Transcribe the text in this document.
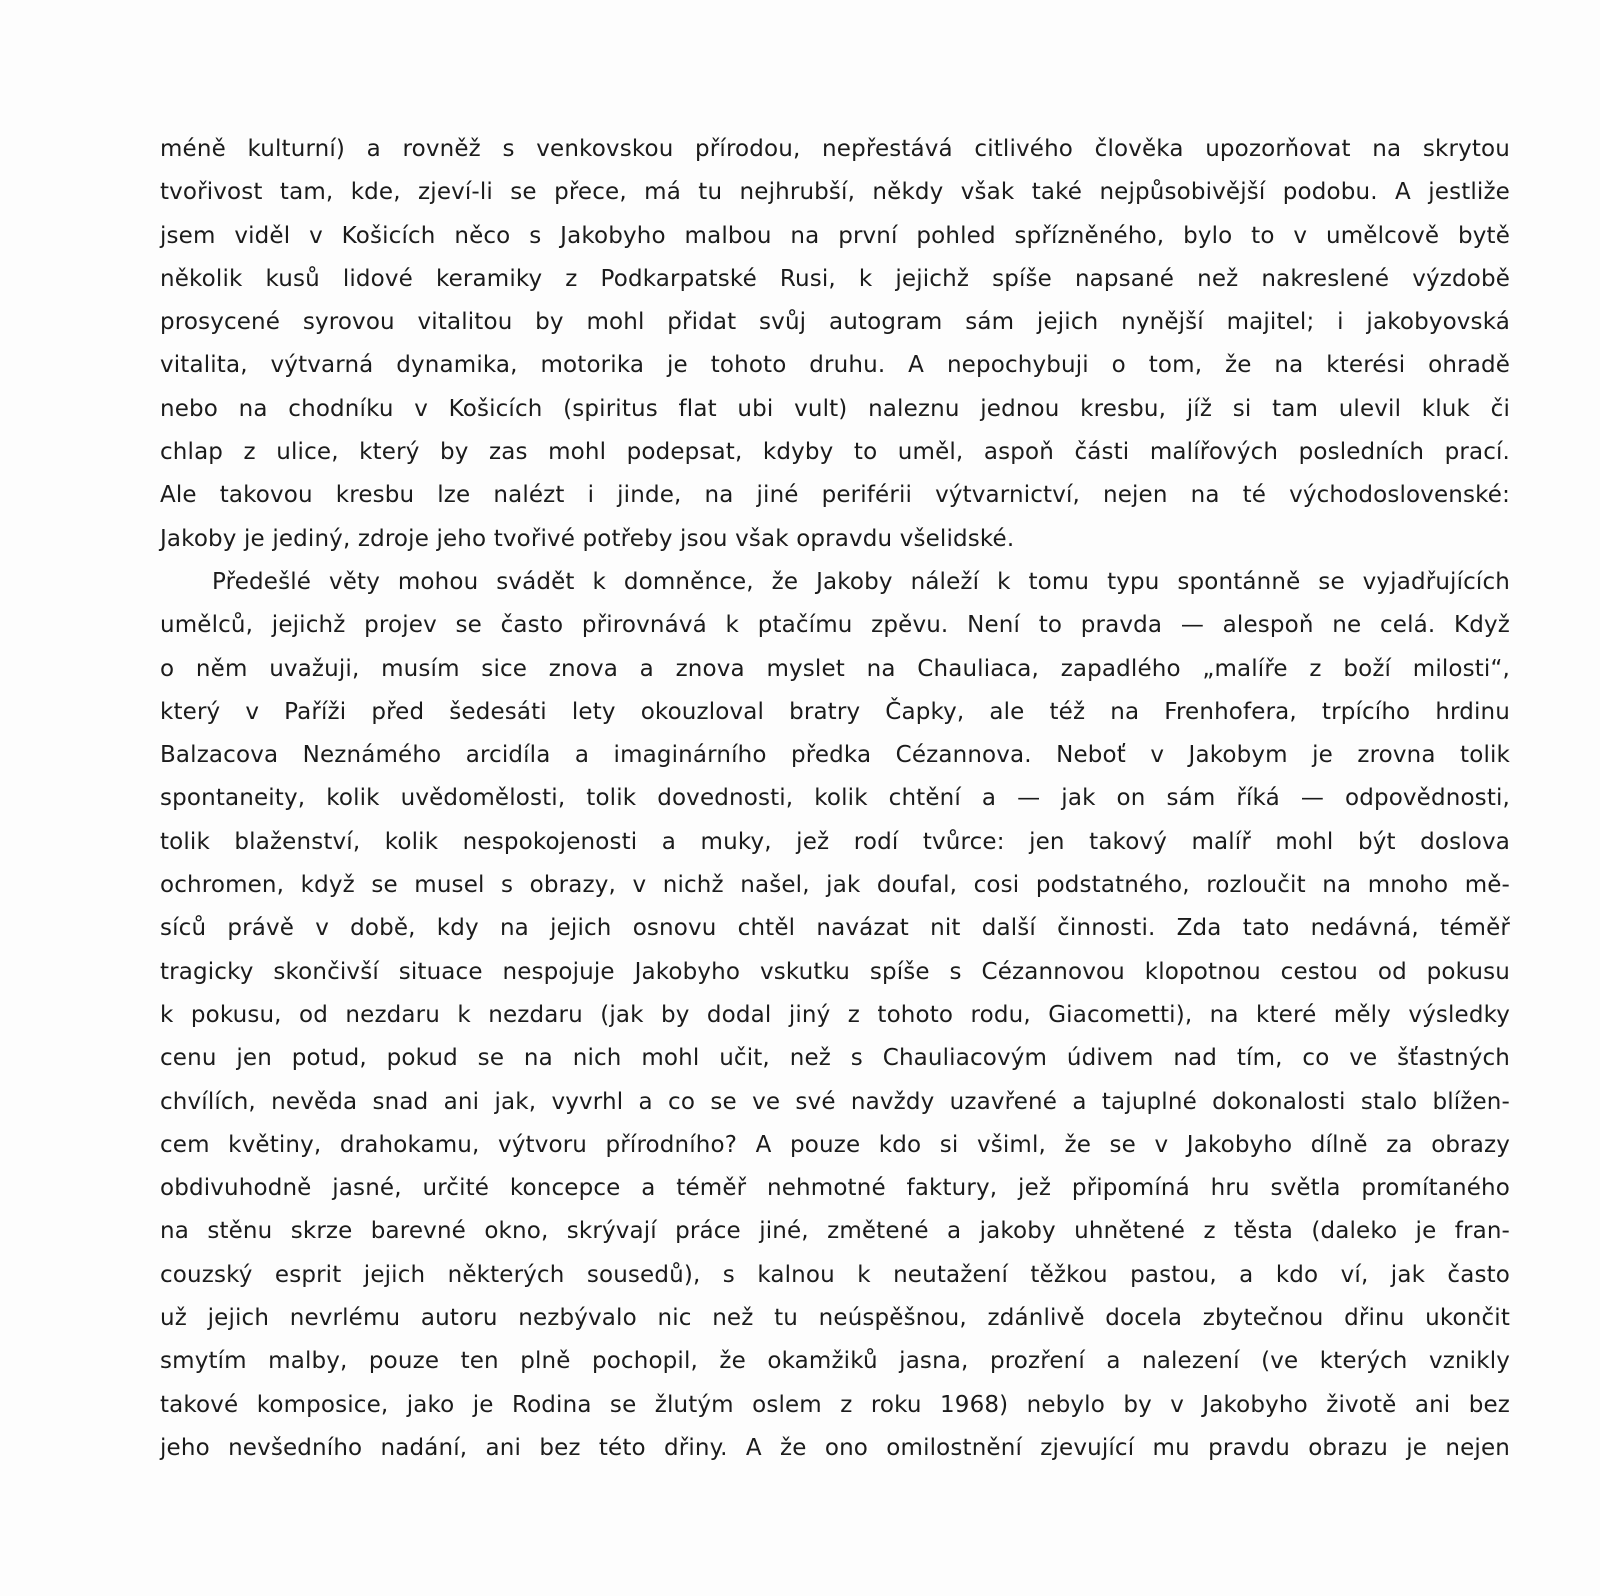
méně kulturní) a rovněž s venkovskou přírodou, nepřestává citlivého člověka upozorňovat na skrytou
tvořivost tam, kde, zjeví-li se přece, má tu nejhrubší, někdy však také nejpůsobivější podobu. A jestliže
jsem viděl v Košicích něco s Jakobyho malbou na první pohled spřízněného, bylo to v umělcově bytě
několik kusů lidové keramiky z Podkarpatské Rusi, k jejichž spíše napsané než nakreslené výzdobě
prosycené syrovou vitalitou by mohl přidat svůj autogram sám jejich nynější majitel; i jakobyovská
vitalita, výtvarná dynamika, motorika je tohoto druhu. A nepochybuji o tom, že na kterési ohradě
nebo na chodníku v Košicích (spiritus flat ubi vult) naleznu jednou kresbu, jíž si tam ulevil kluk či
chlap z ulice, který by zas mohl podepsat, kdyby to uměl, aspoň části malířových posledních prací.
Ale takovou kresbu lze nalézt i jinde, na jiné periférii výtvarnictví, nejen na té východoslovenské:
Jakoby je jediný, zdroje jeho tvořivé potřeby jsou však opravdu všelidské.
Předešlé věty mohou svádět k domněnce, že Jakoby náleží k tomu typu spontánně se vyjadřujících
umělců, jejichž projev se často přirovnává k ptačímu zpěvu. Není to pravda — alespoň ne celá. Když
o něm uvažuji, musím sice znova a znova myslet na Chauliaca, zapadlého „malíře z boží milosti“,
který v Paříži před šedesáti lety okouzloval bratry Čapky, ale též na Frenhofera, trpícího hrdinu
Balzacova Neznámého arcidíla a imaginárního předka Cézannova. Neboť v Jakobym je zrovna tolik
spontaneity, kolik uvědomělosti, tolik dovednosti, kolik chtění a — jak on sám říká — odpovědnosti,
tolik blaženství, kolik nespokojenosti a muky, jež rodí tvůrce: jen takový malíř mohl být doslova
ochromen, když se musel s obrazy, v nichž našel, jak doufal, cosi podstatného, rozloučit na mnoho mě-
síců právě v době, kdy na jejich osnovu chtěl navázat nit další činnosti. Zda tato nedávná, téměř
tragicky skončivší situace nespojuje Jakobyho vskutku spíše s Cézannovou klopotnou cestou od pokusu
k pokusu, od nezdaru k nezdaru (jak by dodal jiný z tohoto rodu, Giacometti), na které měly výsledky
cenu jen potud, pokud se na nich mohl učit, než s Chauliacovým údivem nad tím, co ve šťastných
chvílích, nevěda snad ani jak, vyvrhl a co se ve své navždy uzavřené a tajuplné dokonalosti stalo blížen-
cem květiny, drahokamu, výtvoru přírodního? A pouze kdo si všiml, že se v Jakobyho dílně za obrazy
obdivuhodně jasné, určité koncepce a téměř nehmotné faktury, jež připomíná hru světla promítaného
na stěnu skrze barevné okno, skrývají práce jiné, změtené a jakoby uhnětené z těsta (daleko je fran-
couzský esprit jejich některých sousedů), s kalnou k neutažení těžkou pastou, a kdo ví, jak často
už jejich nevrlému autoru nezbývalo nic než tu neúspěšnou, zdánlivě docela zbytečnou dřinu ukončit
smytím malby, pouze ten plně pochopil, že okamžiků jasna, prozření a nalezení (ve kterých vznikly
takové komposice, jako je Rodina se žlutým oslem z roku 1968) nebylo by v Jakobyho životě ani bez
jeho nevšedního nadání, ani bez této dřiny. A že ono omilostnění zjevující mu pravdu obrazu je nejen
